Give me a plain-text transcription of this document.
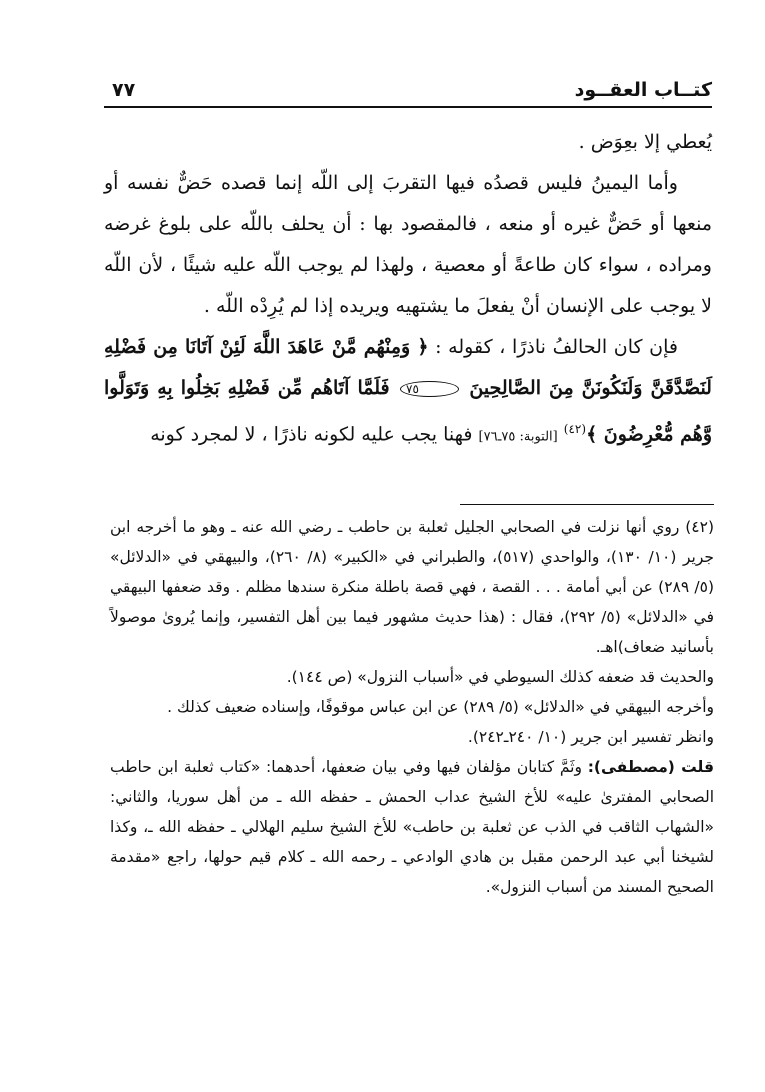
كتــاب العقــود
٧٧

يُعطي إلا بعِوَض .

وأما اليمينُ فليس قصدُه فيها التقربَ إلى اللّه إنما قصده حَضٌّ نفسه أو منعها أو حَضٌّ غيره أو منعه ، فالمقصود بها : أن يحلف باللّه على بلوغ غرضه ومراده ، سواء كان طاعةً أو معصية ، ولهذا لم يوجب اللّه عليه شيئًا ، لأن اللّه لا يوجب على الإنسان أنْ يفعلَ ما يشتهيه ويريده إذا لم يُرِدْه اللّه .

فإن كان الحالفُ ناذرًا ، كقوله : ﴿ وَمِنْهُم مَّنْ عَاهَدَ اللَّهَ لَئِنْ آتَانَا مِن فَضْلِهِ لَنَصَّدَّقَنَّ وَلَنَكُونَنَّ مِنَ الصَّالِحِينَ ٧٥ فَلَمَّا آتَاهُم مِّن فَضْلِهِ بَخِلُوا بِهِ وَتَوَلَّوا وَّهُم مُّعْرِضُونَ ﴾$^{(٤٢)}$ [التوبة: ٧٥ـ٧٦] فهنا يجب عليه لكونه ناذرًا ، لا لمجرد كونه

(٤٢) روي أنها نزلت في الصحابي الجليل ثعلبة بن حاطب ـ رضي الله عنه ـ وهو ما أخرجه ابن جرير (١٠/ ١٣٠)، والواحدي (٥١٧)، والطبراني في «الكبير» (٨/ ٢٦٠)، والبيهقي في «الدلائل» (٥/ ٢٨٩) عن أبي أمامة . . . القصة ، فهي قصة باطلة منكرة سندها مظلم . وقد ضعفها البيهقي في «الدلائل» (٥/ ٢٩٢)، فقال : (هذا حديث مشهور فيما بين أهل التفسير، وإنما يُروىٰ موصولاً بأسانيد ضعاف)اهـ.

والحديث قد ضعفه كذلك السيوطي في «أسباب النزول» (ص ١٤٤).

وأخرجه البيهقي في «الدلائل» (٥/ ٢٨٩) عن ابن عباس موقوفًا، وإسناده ضعيف كذلك .

وانظر تفسير ابن جرير (١٠/ ٢٤٠ـ٢٤٢).

قلت (مصطفى): وثَمَّ كتابان مؤلفان فيها وفي بيان ضعفها، أحدهما: «كتاب ثعلبة ابن حاطب الصحابي المفترىٰ عليه» للأخ الشيخ عداب الحمش ـ حفظه الله ـ من أهل سوريا، والثاني: «الشهاب الثاقب في الذب عن ثعلبة بن حاطب» للأخ الشيخ سليم الهلالي ـ حفظه الله ـ، وكذا لشيخنا أبي عبد الرحمن مقبل بن هادي الوادعي ـ رحمه الله ـ كلام قيم حولها، راجع «مقدمة الصحيح المسند من أسباب النزول».
